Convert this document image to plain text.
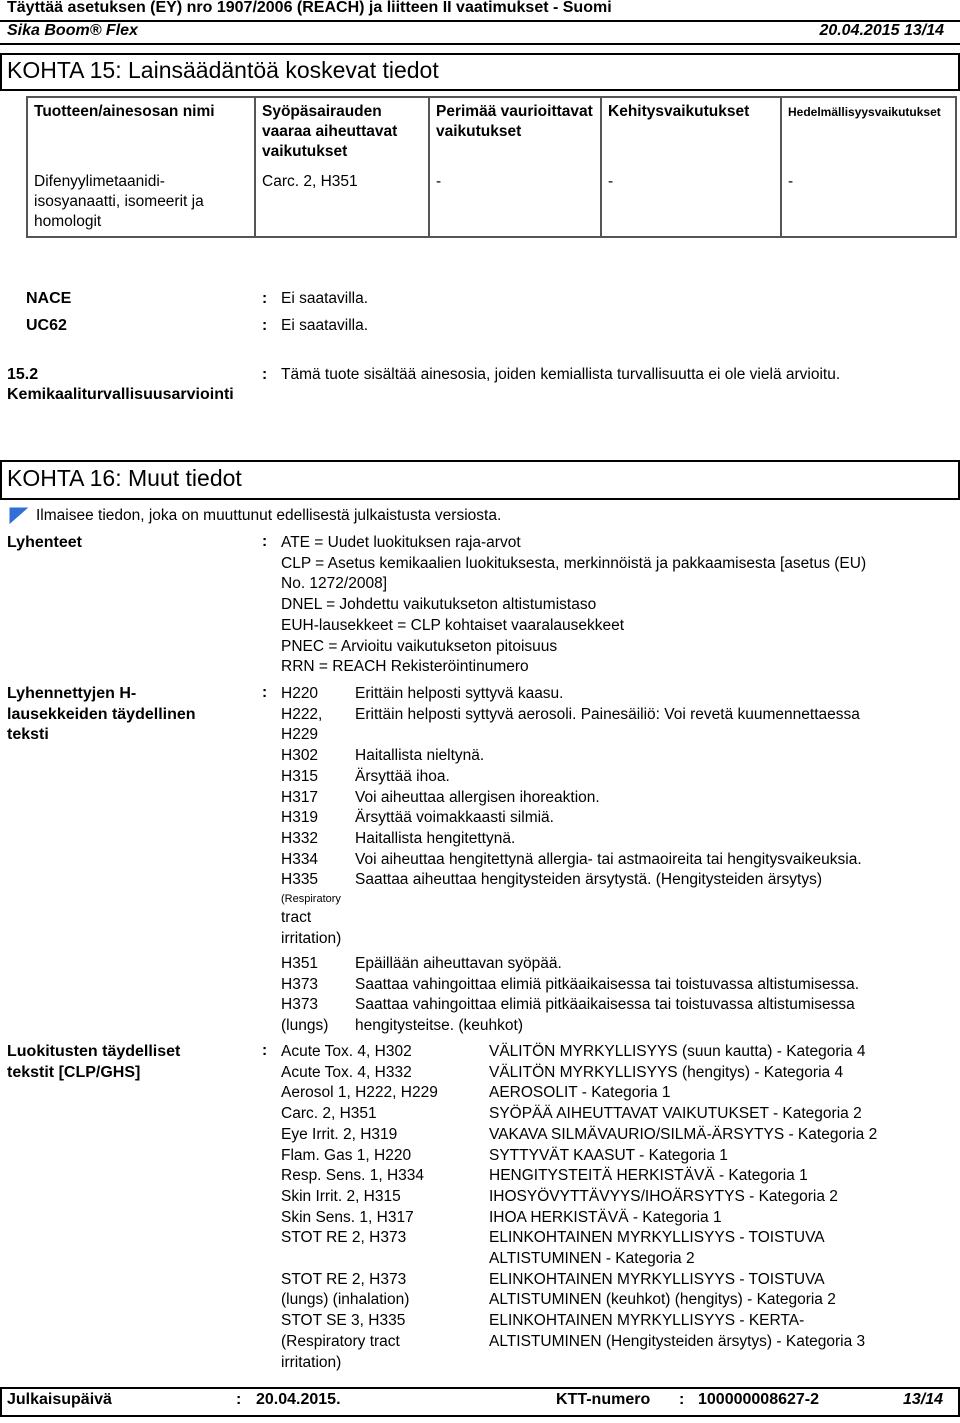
Täyttää asetuksen (EY) nro 1907/2006 (REACH) ja liitteen II vaatimukset - Suomi
Sika Boom® Flex	20.04.2015 13/14
KOHTA 15: Lainsäädäntöä koskevat tiedot
Tuotteen/ainesosan nimi	Syöpäsairauden vaaraa aiheuttavat vaikutukset	Perimää vaurioittavat vaikutukset	Kehitysvaikutukset	Hedelmällisyysvaikutukset
Difenyylimetaanidi-isosyanaatti, isomeerit ja homologit	Carc. 2, H351	-	-	-
NACE	: Ei saatavilla.
UC62	: Ei saatavilla.
15.2
Kemikaaliturvallisuusarviointi
: Tämä tuote sisältää ainesosia, joiden kemiallista turvallisuutta ei ole vielä arvioitu.
KOHTA 16: Muut tiedot
Ilmaisee tiedon, joka on muuttunut edellisestä julkaistusta versiosta.
Lyhenteet	: ATE = Uudet luokituksen raja-arvot
CLP = Asetus kemikaalien luokituksesta, merkinnöistä ja pakkaamisesta [asetus (EU)
No. 1272/2008]
DNEL = Johdettu vaikutukseton altistumistaso
EUH-lausekkeet = CLP kohtaiset vaaralausekkeet
PNEC = Arvioitu vaikutukseton pitoisuus
RRN = REACH Rekisteröintinumero
Lyhennettyjen H-
lausekkeiden täydellinen
teksti
: H220	Erittäin helposti syttyvä kaasu.
H222,	Erittäin helposti syttyvä aerosoli. Painesäiliö: Voi revetä kuumennettaessa
H229
H302	Haitallista nieltynä.
H315	Ärsyttää ihoa.
H317	Voi aiheuttaa allergisen ihoreaktion.
H319	Ärsyttää voimakkaasti silmiä.
H332	Haitallista hengitettynä.
H334	Voi aiheuttaa hengitettynä allergia- tai astmaoireita tai hengitysvaikeuksia.
H335	Saattaa aiheuttaa hengitysteiden ärsytystä. (Hengitysteiden ärsytys)
(Respiratory
tract
irritation)
H351	Epäillään aiheuttavan syöpää.
H373	Saattaa vahingoittaa elimiä pitkäaikaisessa tai toistuvassa altistumisessa.
H373	Saattaa vahingoittaa elimiä pitkäaikaisessa tai toistuvassa altistumisessa
(lungs)	hengitysteitse. (keuhkot)
Luokitusten täydelliset
tekstit [CLP/GHS]
: Acute Tox. 4, H302	VÄLITÖN MYRKYLLISYYS (suun kautta) - Kategoria 4
Acute Tox. 4, H332	VÄLITÖN MYRKYLLISYYS (hengitys) - Kategoria 4
Aerosol 1, H222, H229	AEROSOLIT - Kategoria 1
Carc. 2, H351	SYÖPÄÄ AIHEUTTAVAT VAIKUTUKSET - Kategoria 2
Eye Irrit. 2, H319	VAKAVA SILMÄVAURIO/SILMÄ-ÄRSYTYS - Kategoria 2
Flam. Gas 1, H220	SYTTYVÄT KAASUT - Kategoria 1
Resp. Sens. 1, H334	HENGITYSTEITÄ HERKISTÄVÄ - Kategoria 1
Skin Irrit. 2, H315	IHOSYÖVYTTÄVYYS/IHOÄRSYTYS - Kategoria 2
Skin Sens. 1, H317	IHOA HERKISTÄVÄ - Kategoria 1
STOT RE 2, H373	ELINKOHTAINEN MYRKYLLISYYS - TOISTUVA
ALTISTUMINEN - Kategoria 2
STOT RE 2, H373	ELINKOHTAINEN MYRKYLLISYYS - TOISTUVA
(lungs) (inhalation)	ALTISTUMINEN (keuhkot) (hengitys) - Kategoria 2
STOT SE 3, H335	ELINKOHTAINEN MYRKYLLISYYS - KERTA-
(Respiratory tract	ALTISTUMINEN (Hengitysteiden ärsytys) - Kategoria 3
irritation)
Julkaisupäivä	: 20.04.2015.	KTT-numero : 100000008627-2	13/14
